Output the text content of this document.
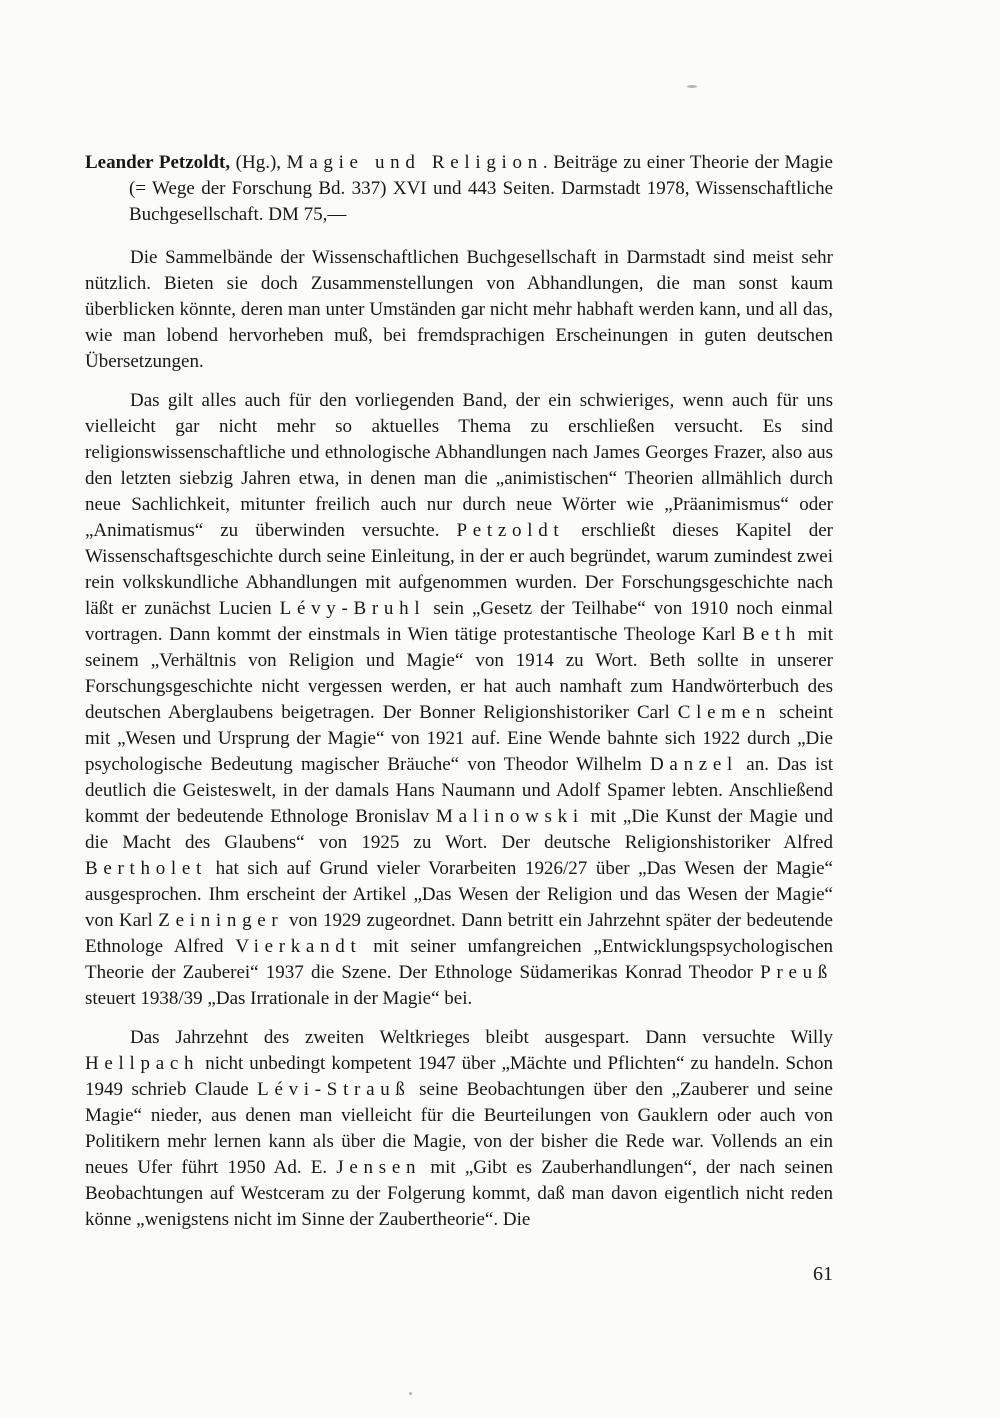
Leander Petzoldt, (Hg.), Magie und Religion. Beiträge zu einer Theorie der Magie (= Wege der Forschung Bd. 337) XVI und 443 Seiten. Darmstadt 1978, Wissenschaftliche Buchgesellschaft. DM 75,—

Die Sammelbände der Wissenschaftlichen Buchgesellschaft in Darmstadt sind meist sehr nützlich. Bieten sie doch Zusammenstellungen von Abhandlungen, die man sonst kaum überblicken könnte, deren man unter Umständen gar nicht mehr habhaft werden kann, und all das, wie man lobend hervorheben muß, bei fremdsprachigen Erscheinungen in guten deutschen Übersetzungen.

Das gilt alles auch für den vorliegenden Band, der ein schwieriges, wenn auch für uns vielleicht gar nicht mehr so aktuelles Thema zu erschließen versucht. Es sind religionswissenschaftliche und ethnologische Abhandlungen nach James Georges Frazer, also aus den letzten siebzig Jahren etwa, in denen man die „animistischen“ Theorien allmählich durch neue Sachlichkeit, mitunter freilich auch nur durch neue Wörter wie „Präanimismus“ oder „Animatismus“ zu überwinden versuchte. Petzoldt erschließt dieses Kapitel der Wissenschaftsgeschichte durch seine Einleitung, in der er auch begründet, warum zumindest zwei rein volkskundliche Abhandlungen mit aufgenommen wurden. Der Forschungsgeschichte nach läßt er zunächst Lucien Lévy-Bruhl sein „Gesetz der Teilhabe“ von 1910 noch einmal vortragen. Dann kommt der einstmals in Wien tätige protestantische Theologe Karl Beth mit seinem „Verhältnis von Religion und Magie“ von 1914 zu Wort. Beth sollte in unserer Forschungsgeschichte nicht vergessen werden, er hat auch namhaft zum Handwörterbuch des deutschen Aberglaubens beigetragen. Der Bonner Religionshistoriker Carl Clemen scheint mit „Wesen und Ursprung der Magie“ von 1921 auf. Eine Wende bahnte sich 1922 durch „Die psychologische Bedeutung magischer Bräuche“ von Theodor Wilhelm Danzel an. Das ist deutlich die Geisteswelt, in der damals Hans Naumann und Adolf Spamer lebten. Anschließend kommt der bedeutende Ethnologe Bronislav Malinowski mit „Die Kunst der Magie und die Macht des Glaubens“ von 1925 zu Wort. Der deutsche Religionshistoriker Alfred Bertholet hat sich auf Grund vieler Vorarbeiten 1926/27 über „Das Wesen der Magie“ ausgesprochen. Ihm erscheint der Artikel „Das Wesen der Religion und das Wesen der Magie“ von Karl Zeininger von 1929 zugeordnet. Dann betritt ein Jahrzehnt später der bedeutende Ethnologe Alfred Vierkandt mit seiner umfangreichen „Entwicklungspsychologischen Theorie der Zauberei“ 1937 die Szene. Der Ethnologe Südamerikas Konrad Theodor Preuß steuert 1938/39 „Das Irrationale in der Magie“ bei.

Das Jahrzehnt des zweiten Weltkrieges bleibt ausgespart. Dann versuchte Willy Hellpach nicht unbedingt kompetent 1947 über „Mächte und Pflichten“ zu handeln. Schon 1949 schrieb Claude Lévi-Strauß seine Beobachtungen über den „Zauberer und seine Magie“ nieder, aus denen man vielleicht für die Beurteilungen von Gauklern oder auch von Politikern mehr lernen kann als über die Magie, von der bisher die Rede war. Vollends an ein neues Ufer führt 1950 Ad. E. Jensen mit „Gibt es Zauberhandlungen“, der nach seinen Beobachtungen auf Westceram zu der Folgerung kommt, daß man davon eigentlich nicht reden könne „wenigstens nicht im Sinne der Zaubertheorie“. Die

61
